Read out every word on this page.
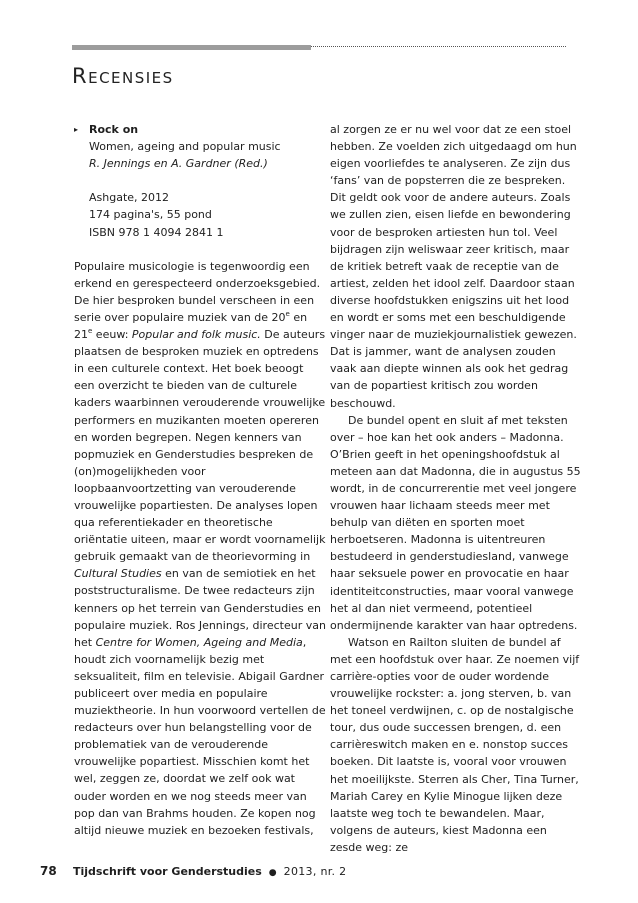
Recensies
▸ Rock on
Women, ageing and popular music
R. Jennings en A. Gardner (Red.)
Ashgate, 2012
174 pagina's, 55 pond
ISBN 978 1 4094 2841 1

Populaire musicologie is tegenwoordig een erkend en gerespecteerd onderzoeksgebied. De hier besproken bundel verscheen in een serie over populaire muziek van de 20e en 21e eeuw: Popular and folk music. De auteurs plaatsen de besproken muziek en optredens in een culturele context. Het boek beoogt een overzicht te bieden van de culturele kaders waarbinnen verouderende vrouwelijke performers en muzikanten moeten opereren en worden begrepen. Negen kenners van popmuziek en Genderstudies bespreken de (on)mogelijkheden voor loopbaanvoortzetting van verouderende vrouwelijke popartiesten. De analyses lopen qua referentiekader en theoretische oriëntatie uiteen, maar er wordt voornamelijk gebruik gemaakt van de theorievorming in Cultural Studies en van de semiotiek en het poststructuralisme. De twee redacteurs zijn kenners op het terrein van Genderstudies en populaire muziek. Ros Jennings, directeur van het Centre for Women, Ageing and Media, houdt zich voornamelijk bezig met seksualiteit, film en televisie. Abigail Gardner publiceert over media en populaire muziektheorie. In hun voorwoord vertellen de redacteurs over hun belangstelling voor de problematiek van de verouderende vrouwelijke popartiest. Misschien komt het wel, zeggen ze, doordat we zelf ook wat ouder worden en we nog steeds meer van pop dan van Brahms houden. Ze kopen nog altijd nieuwe muziek en bezoeken festivals,

al zorgen ze er nu wel voor dat ze een stoel hebben. Ze voelden zich uitgedaagd om hun eigen voorliefdes te analyseren. Ze zijn dus ‘fans’ van de popsterren die ze bespreken. Dit geldt ook voor de andere auteurs. Zoals we zullen zien, eisen liefde en bewondering voor de besproken artiesten hun tol. Veel bijdragen zijn weliswaar zeer kritisch, maar de kritiek betreft vaak de receptie van de artiest, zelden het idool zelf. Daardoor staan diverse hoofdstukken enigszins uit het lood en wordt er soms met een beschuldigende vinger naar de muziekjournalistiek gewezen. Dat is jammer, want de analysen zouden vaak aan diepte winnen als ook het gedrag van de popartiest kritisch zou worden beschouwd.

De bundel opent en sluit af met teksten over – hoe kan het ook anders – Madonna. O’Brien geeft in het openingshoofdstuk al meteen aan dat Madonna, die in augustus 55 wordt, in de concurrerentie met veel jongere vrouwen haar lichaam steeds meer met behulp van diëten en sporten moet herboetseren. Madonna is uitentreuren bestudeerd in genderstudiesland, vanwege haar seksuele power en provocatie en haar identiteitconstructies, maar vooral vanwege het al dan niet vermeend, potentieel ondermijnende karakter van haar optredens.

Watson en Railton sluiten de bundel af met een hoofdstuk over haar. Ze noemen vijf carrière-opties voor de ouder wordende vrouwelijke rockster: a. jong sterven, b. van het toneel verdwijnen, c. op de nostalgische tour, dus oude successen brengen, d. een carrièreswitch maken en e. nonstop succes boeken. Dit laatste is, vooral voor vrouwen het moeilijkste. Sterren als Cher, Tina Turner, Mariah Carey en Kylie Minogue lijken deze laatste weg toch te bewandelen. Maar, volgens de auteurs, kiest Madonna een zesde weg: ze

78	Tijdschrift voor Genderstudies ● 2013, nr. 2
